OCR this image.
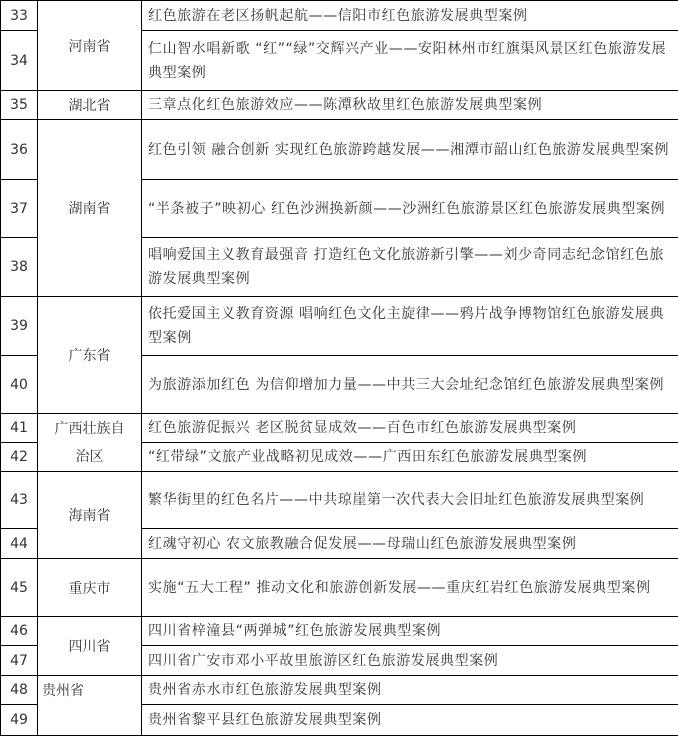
33	河南省	红色旅游在老区扬帆起航——信阳市红色旅游发展典型案例
34		仁山智水唱新歌 “红”“绿”交辉兴产业——安阳林州市红旗渠风景区红色旅游发展典型案例
35	湖北省	三章点化红色旅游效应——陈潭秋故里红色旅游发展典型案例
36	湖南省	红色引领 融合创新 实现红色旅游跨越发展——湘潭市韶山红色旅游发展典型案例
37		“半条被子”映初心 红色沙洲换新颜——沙洲红色旅游景区红色旅游发展典型案例
38		唱响爱国主义教育最强音 打造红色文化旅游新引擎——刘少奇同志纪念馆红色旅游发展典型案例
39	广东省	依托爱国主义教育资源 唱响红色文化主旋律——鸦片战争博物馆红色旅游发展典型案例
40		为旅游添加红色 为信仰增加力量——中共三大会址纪念馆红色旅游发展典型案例
41	广西壮族自治区	红色旅游促振兴 老区脱贫显成效——百色市红色旅游发展典型案例
42		“红带绿”文旅产业战略初见成效——广西田东红色旅游发展典型案例
43	海南省	繁华街里的红色名片——中共琼崖第一次代表大会旧址红色旅游发展典型案例
44		红魂守初心 农文旅教融合促发展——母瑞山红色旅游发展典型案例
45	重庆市	实施“五大工程” 推动文化和旅游创新发展——重庆红岩红色旅游发展典型案例
46	四川省	四川省梓潼县“两弹城”红色旅游发展典型案例
47		四川省广安市邓小平故里旅游区红色旅游发展典型案例
48	贵州省	贵州省赤水市红色旅游发展典型案例
49		贵州省黎平县红色旅游发展典型案例
